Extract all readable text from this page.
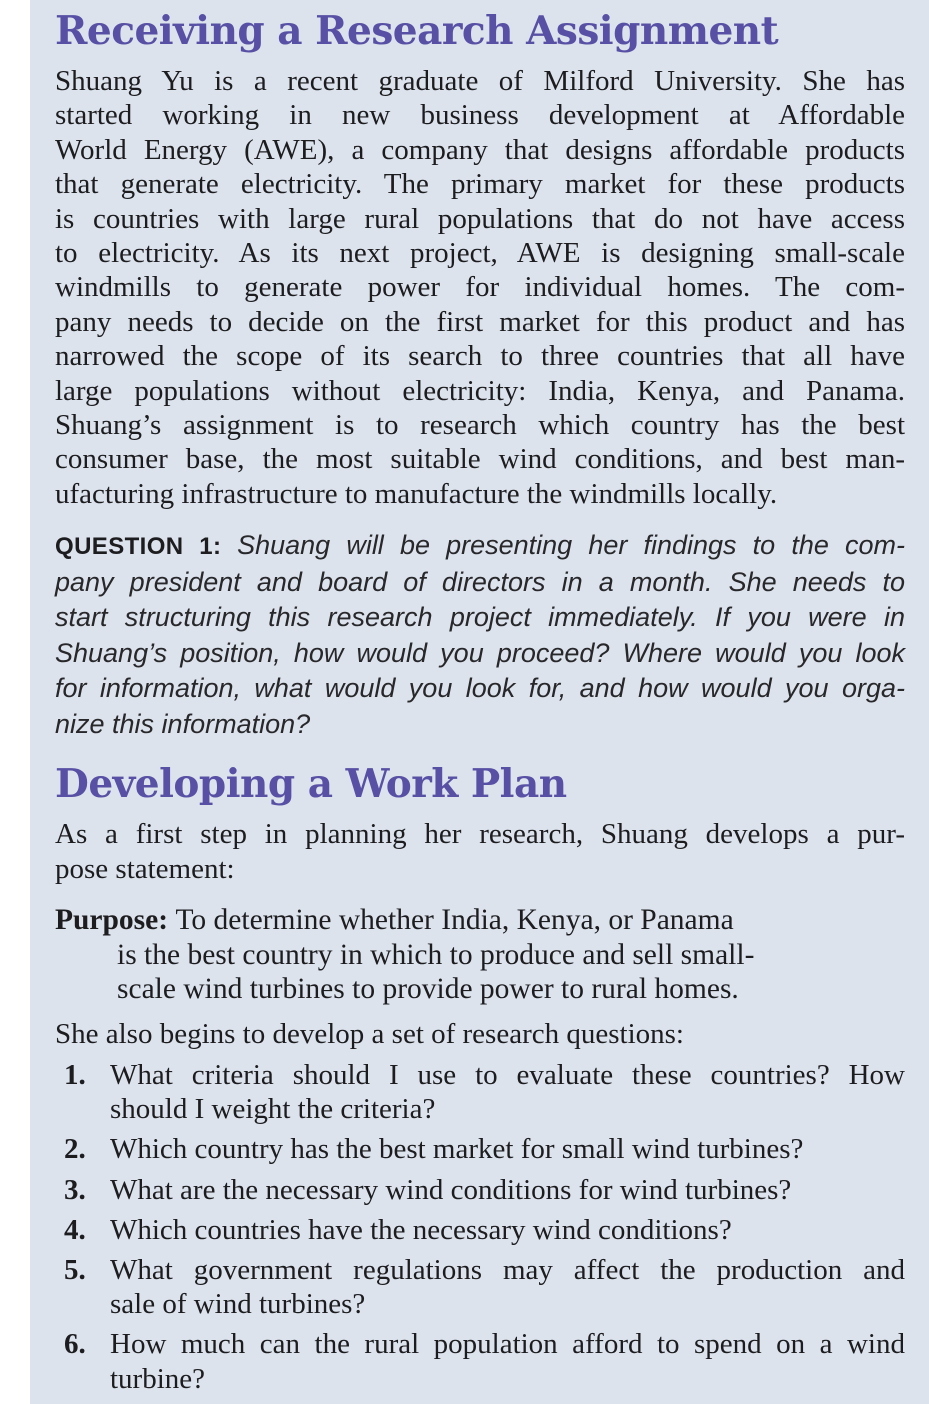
Receiving a Research Assignment
Shuang Yu is a recent graduate of Milford University. She has
started working in new business development at Affordable
World Energy (AWE), a company that designs affordable products
that generate electricity. The primary market for these products
is countries with large rural populations that do not have access
to electricity. As its next project, AWE is designing small-scale
windmills to generate power for individual homes. The com-
pany needs to decide on the first market for this product and has
narrowed the scope of its search to three countries that all have
large populations without electricity: India, Kenya, and Panama.
Shuang’s assignment is to research which country has the best
consumer base, the most suitable wind conditions, and best man-
ufacturing infrastructure to manufacture the windmills locally.
QUESTION 1: Shuang will be presenting her findings to the com-
pany president and board of directors in a month. She needs to
start structuring this research project immediately. If you were in
Shuang’s position, how would you proceed? Where would you look
for information, what would you look for, and how would you orga-
nize this information?
Developing a Work Plan
As a first step in planning her research, Shuang develops a pur-
pose statement:
Purpose: To determine whether India, Kenya, or Panama
is the best country in which to produce and sell small-
scale wind turbines to provide power to rural homes.
She also begins to develop a set of research questions:
1. What criteria should I use to evaluate these countries? How
should I weight the criteria?
2. Which country has the best market for small wind turbines?
3. What are the necessary wind conditions for wind turbines?
4. Which countries have the necessary wind conditions?
5. What government regulations may affect the production and
sale of wind turbines?
6. How much can the rural population afford to spend on a wind
turbine?
